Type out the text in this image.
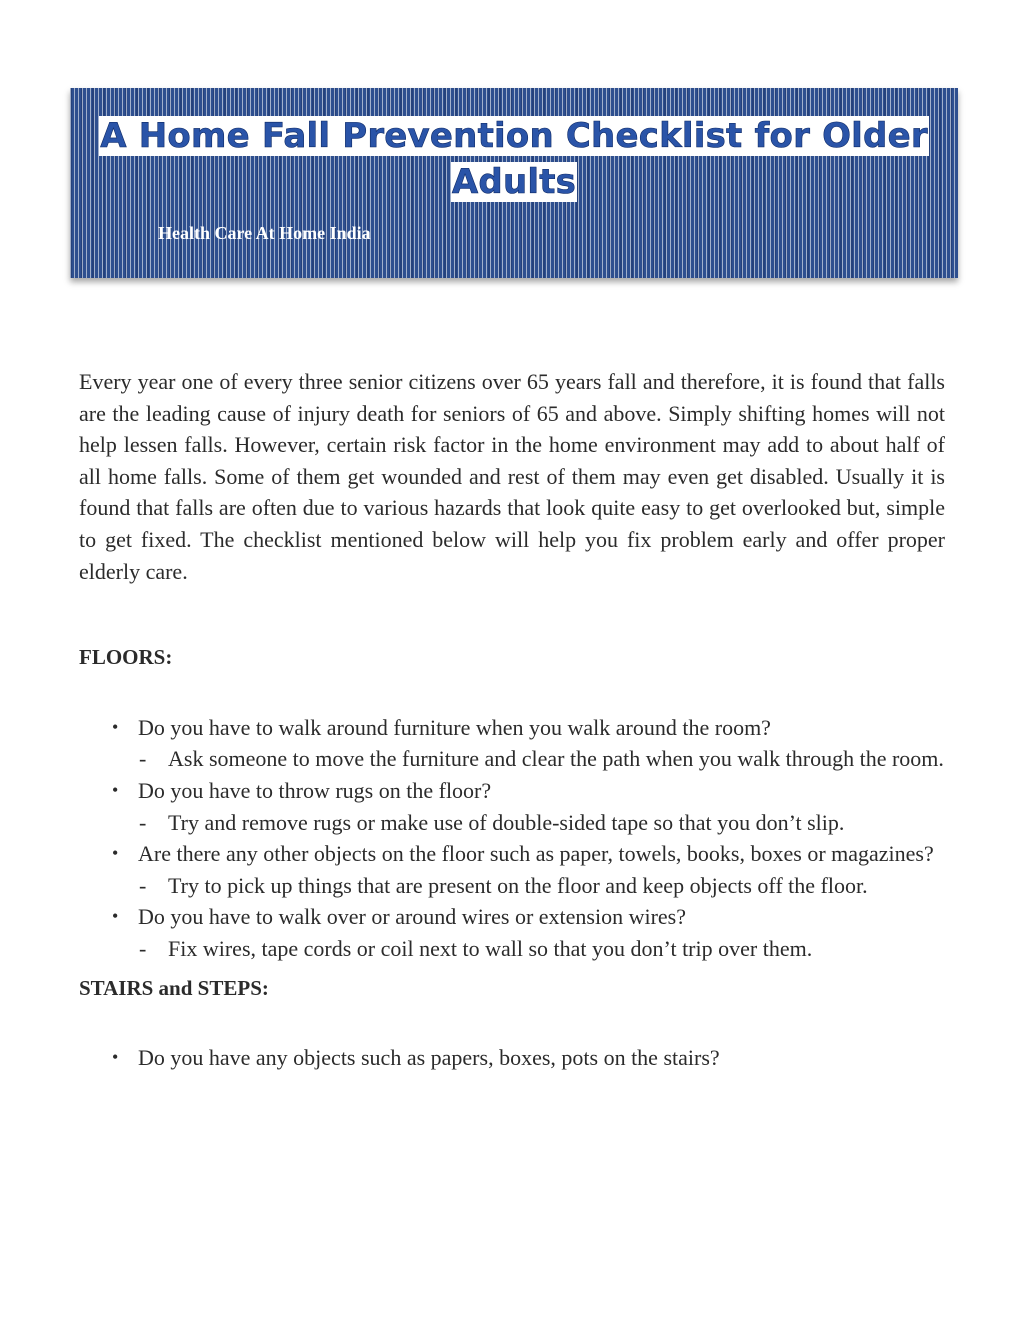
A Home Fall Prevention Checklist for Older
Adults
Health Care At Home India

Every year one of every three senior citizens over 65 years fall and therefore, it is found that falls are the leading cause of injury death for seniors of 65 and above. Simply shifting homes will not help lessen falls. However, certain risk factor in the home environment may add to about half of all home falls. Some of them get wounded and rest of them may even get disabled. Usually it is found that falls are often due to various hazards that look quite easy to get overlooked but, simple to get fixed. The checklist mentioned below will help you fix problem early and offer proper elderly care.

FLOORS:

• Do you have to walk around furniture when you walk around the room?
- Ask someone to move the furniture and clear the path when you walk through the room.
• Do you have to throw rugs on the floor?
- Try and remove rugs or make use of double-sided tape so that you don’t slip.
• Are there any other objects on the floor such as paper, towels, books, boxes or magazines?
- Try to pick up things that are present on the floor and keep objects off the floor.
• Do you have to walk over or around wires or extension wires?
- Fix wires, tape cords or coil next to wall so that you don’t trip over them.

STAIRS and STEPS:

• Do you have any objects such as papers, boxes, pots on the stairs?
